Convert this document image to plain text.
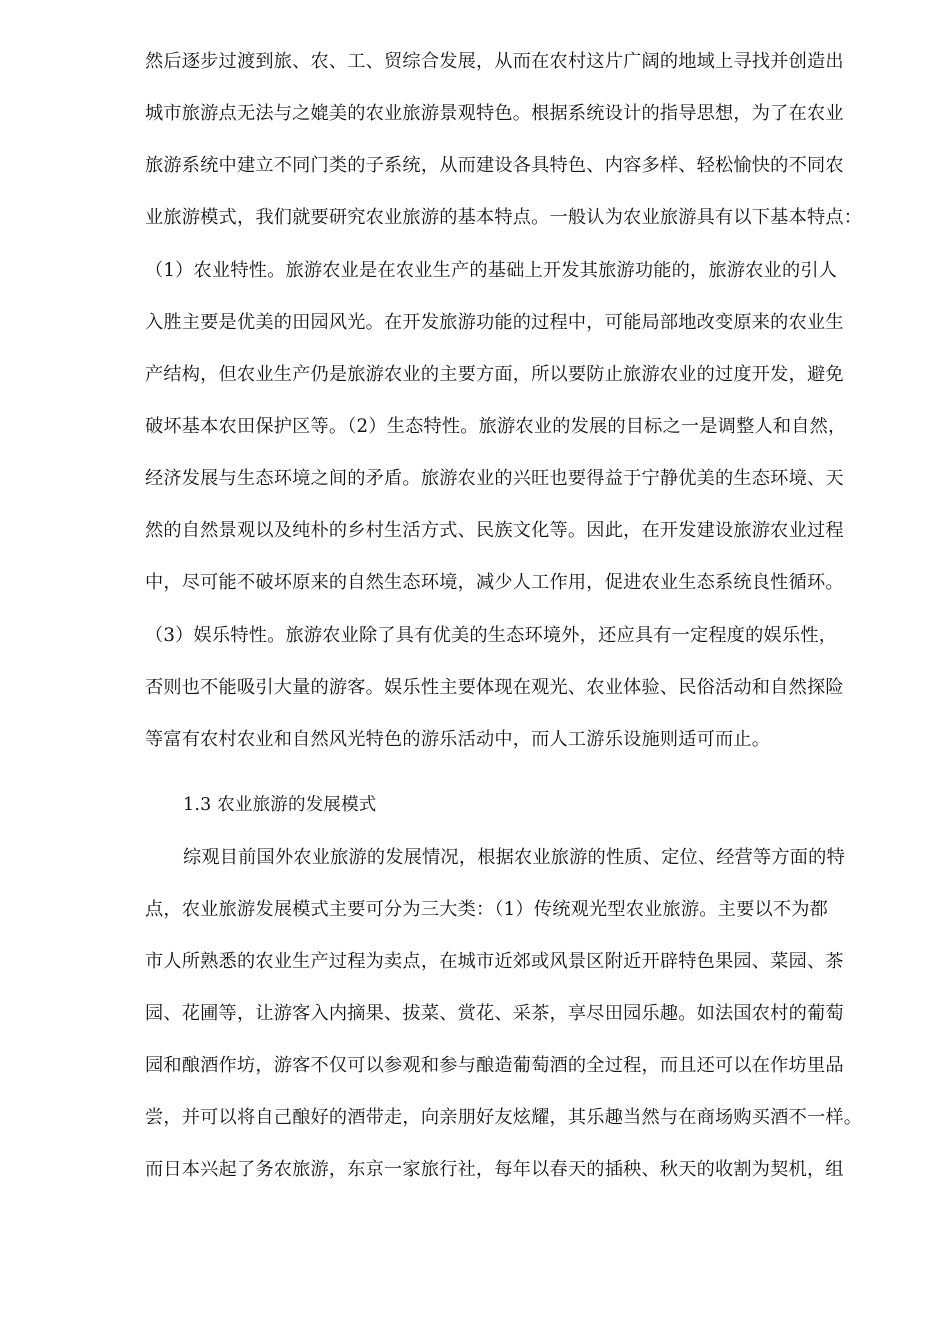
然后逐步过渡到旅、农、工、贸综合发展，从而在农村这片广阔的地域上寻找并创造出
城市旅游点无法与之媲美的农业旅游景观特色。根据系统设计的指导思想，为了在农业
旅游系统中建立不同门类的子系统，从而建设各具特色、内容多样、轻松愉快的不同农
业旅游模式，我们就要研究农业旅游的基本特点。一般认为农业旅游具有以下基本特点：
（1）农业特性。旅游农业是在农业生产的基础上开发其旅游功能的，旅游农业的引人
入胜主要是优美的田园风光。在开发旅游功能的过程中，可能局部地改变原来的农业生
产结构，但农业生产仍是旅游农业的主要方面，所以要防止旅游农业的过度开发，避免
破坏基本农田保护区等。（2）生态特性。旅游农业的发展的目标之一是调整人和自然，
经济发展与生态环境之间的矛盾。旅游农业的兴旺也要得益于宁静优美的生态环境、天
然的自然景观以及纯朴的乡村生活方式、民族文化等。因此，在开发建设旅游农业过程
中，尽可能不破坏原来的自然生态环境，减少人工作用，促进农业生态系统良性循环。
（3）娱乐特性。旅游农业除了具有优美的生态环境外，还应具有一定程度的娱乐性，
否则也不能吸引大量的游客。娱乐性主要体现在观光、农业体验、民俗活动和自然探险
等富有农村农业和自然风光特色的游乐活动中，而人工游乐设施则适可而止。
1.3 农业旅游的发展模式
综观目前国外农业旅游的发展情况，根据农业旅游的性质、定位、经营等方面的特
点，农业旅游发展模式主要可分为三大类：（1）传统观光型农业旅游。主要以不为都
市人所熟悉的农业生产过程为卖点，在城市近郊或风景区附近开辟特色果园、菜园、茶
园、花圃等，让游客入内摘果、拔菜、赏花、采茶，享尽田园乐趣。如法国农村的葡萄
园和酿酒作坊，游客不仅可以参观和参与酿造葡萄酒的全过程，而且还可以在作坊里品
尝，并可以将自己酿好的酒带走，向亲朋好友炫耀，其乐趣当然与在商场购买酒不一样。
而日本兴起了务农旅游，东京一家旅行社，每年以春天的插秧、秋天的收割为契机，组
